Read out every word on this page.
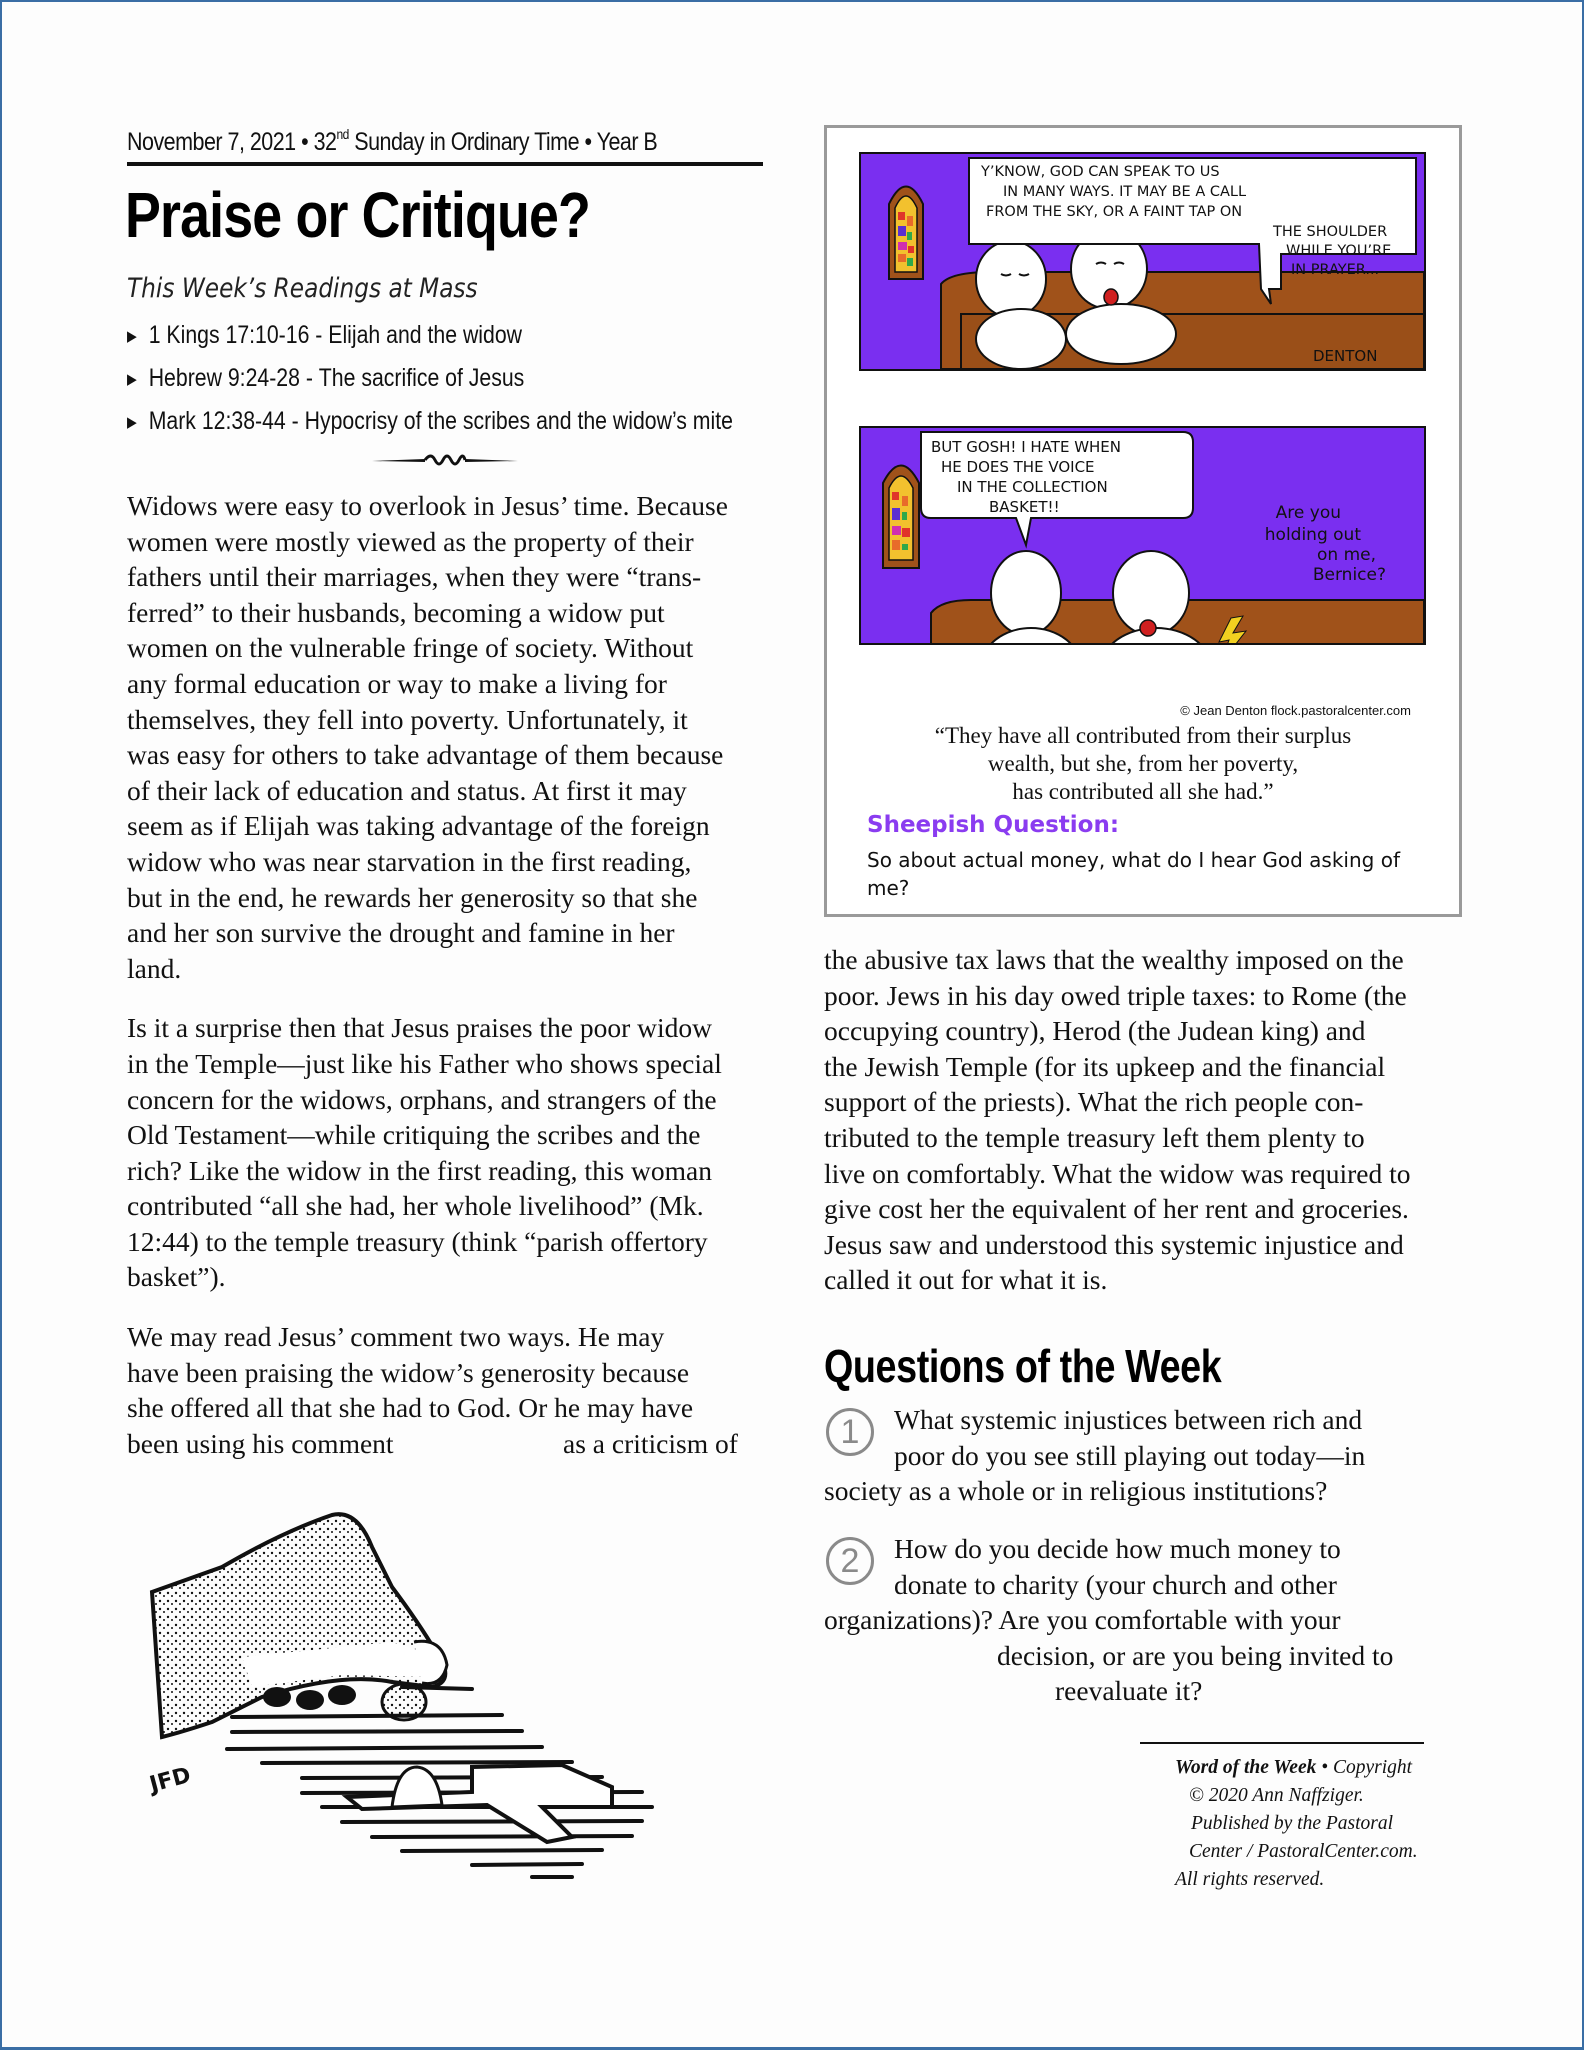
November 7, 2021 • 32nd Sunday in Ordinary Time • Year B
Praise or Critique?
This Week’s Readings at Mass
▶ 1 Kings 17:10-16 - Elijah and the widow
▶ Hebrew 9:24-28 - The sacrifice of Jesus
▶ Mark 12:38-44 - Hypocrisy of the scribes and the widow’s mite

Widows were easy to overlook in Jesus’ time. Because
women were mostly viewed as the property of their
fathers until their marriages, when they were “trans-
ferred” to their husbands, becoming a widow put
women on the vulnerable fringe of society. Without
any formal education or way to make a living for
themselves, they fell into poverty. Unfortunately, it
was easy for others to take advantage of them because
of their lack of education and status. At first it may
seem as if Elijah was taking advantage of the foreign
widow who was near starvation in the first reading,
but in the end, he rewards her generosity so that she
and her son survive the drought and famine in her
land.

Is it a surprise then that Jesus praises the poor widow
in the Temple—just like his Father who shows special
concern for the widows, orphans, and strangers of the
Old Testament—while critiquing the scribes and the
rich? Like the widow in the first reading, this woman
contributed “all she had, her whole livelihood” (Mk.
12:44) to the temple treasury (think “parish offertory
basket”).

We may read Jesus’ comment two ways. He may
have been praising the widow’s generosity because
she offered all that she had to God. Or he may have

been using his comment	as a criticism of
Y’KNOW, GOD CAN SPEAK TO US
IN MANY WAYS. IT MAY BE A CALL
FROM THE SKY, OR A FAINT TAP ON
THE SHOULDER
WHILE YOU’RE
IN PRAYER...
DENTON
BUT GOSH! I HATE WHEN
HE DOES THE VOICE
IN THE COLLECTION
BASKET!!	Are you
holding out
on me,
Bernice?
© Jean Denton flock.pastoralcenter.com
“They have all contributed from their surplus
wealth, but she, from her poverty,
has contributed all she had.”
Sheepish Question:
So about actual money, what do I hear God asking of me?
the abusive tax laws that the wealthy imposed on the
poor. Jews in his day owed triple taxes: to Rome (the
occupying country), Herod (the Judean king) and
the Jewish Temple (for its upkeep and the financial
support of the priests). What the rich people con-
tributed to the temple treasury left them plenty to
live on comfortably. What the widow was required to
give cost her the equivalent of her rent and groceries.
Jesus saw and understood this systemic injustice and
called it out for what it is.
Questions of the Week
1	What systemic injustices between rich and
poor do you see still playing out today—in
society as a whole or in religious institutions?
2	How do you decide how much money to
donate to charity (your church and other
organizations)? Are you comfortable with your
decision, or are you being invited to
reevaluate it?
Word of the Week • Copyright
© 2020 Ann Naffziger.
Published by the Pastoral
Center / PastoralCenter.com.
All rights reserved.
JFD
